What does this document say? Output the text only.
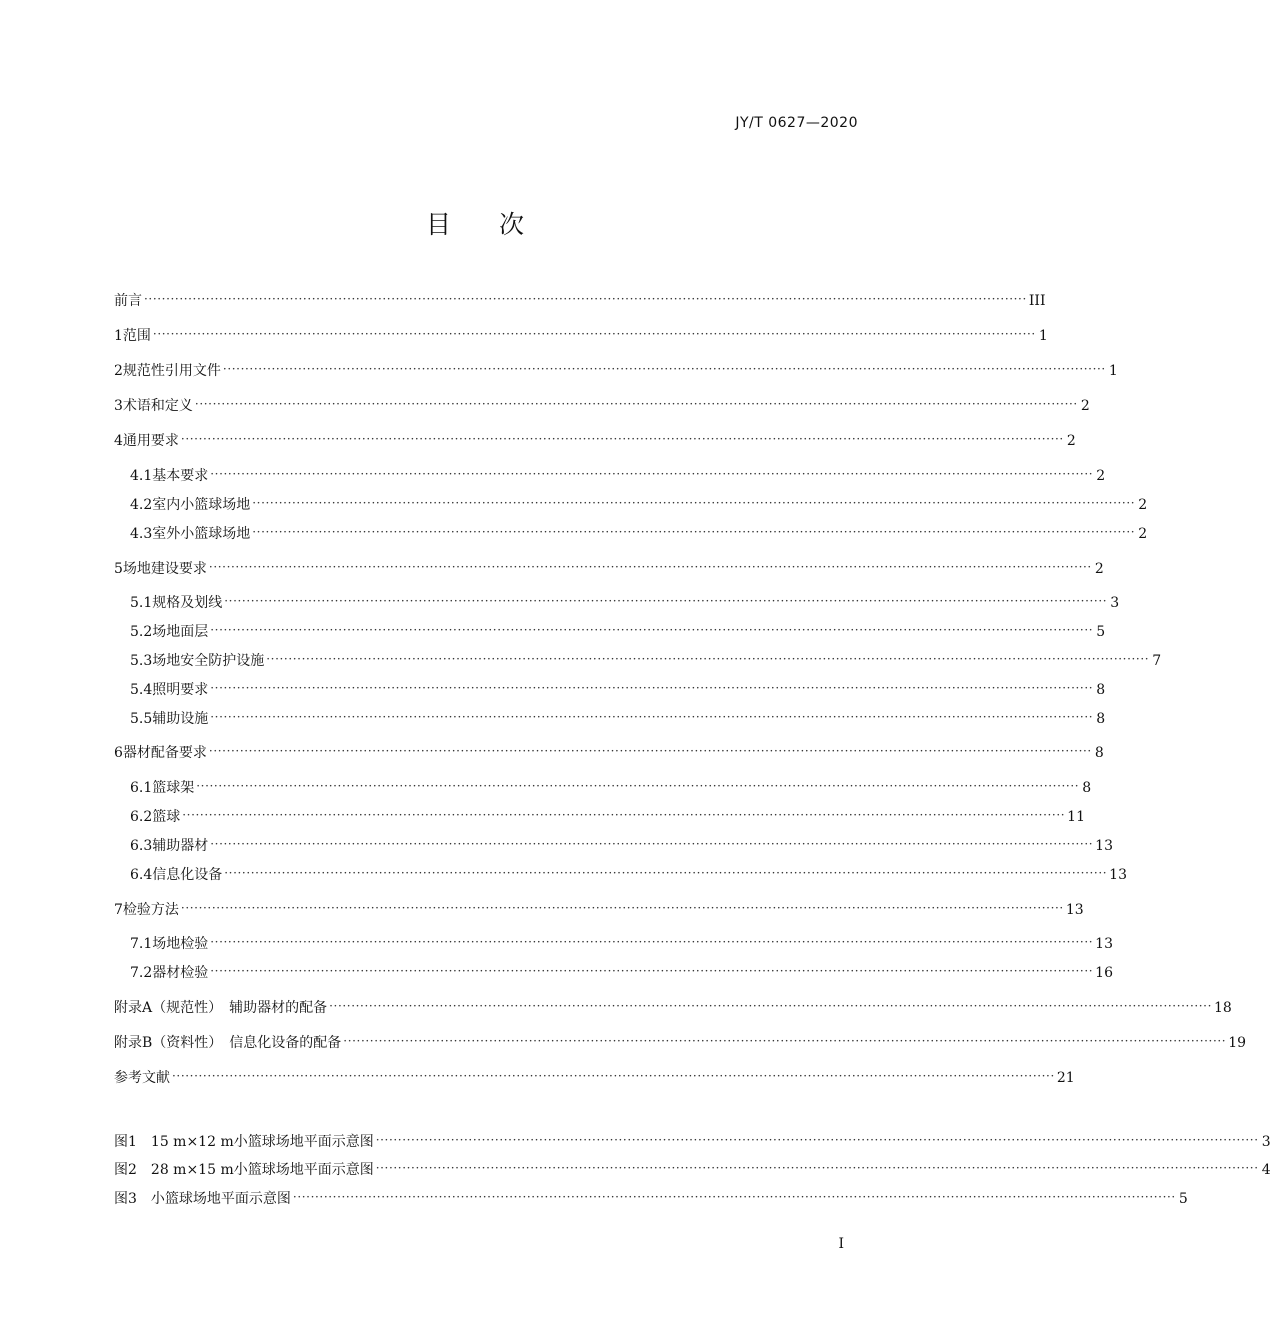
JY/T 0627—2020
目次
前言 ········································································································································································································ III
1 范围 ········································································································································································································ 1
2 规范性引用文件 ········································································································································································································ 1
3 术语和定义 ········································································································································································································ 2
4 通用要求 ········································································································································································································ 2
4.1 基本要求 ········································································································································································································ 2
4.2 室内小篮球场地 ········································································································································································································ 2
4.3 室外小篮球场地 ········································································································································································································ 2
5 场地建设要求 ········································································································································································································ 2
5.1 规格及划线 ········································································································································································································ 3
5.2 场地面层 ········································································································································································································ 5
5.3 场地安全防护设施 ········································································································································································································ 7
5.4 照明要求 ········································································································································································································ 8
5.5 辅助设施 ········································································································································································································ 8
6 器材配备要求 ········································································································································································································ 8
6.1 篮球架 ········································································································································································································ 8
6.2 篮球 ········································································································································································································ 11
6.3 辅助器材 ········································································································································································································ 13
6.4 信息化设备 ········································································································································································································ 13
7 检验方法 ········································································································································································································ 13
7.1 场地检验 ········································································································································································································ 13
7.2 器材检验 ········································································································································································································ 16
附录A（规范性）　辅助器材的配备 ········································································································································································································ 18
附录B（资料性）　信息化设备的配备 ········································································································································································································ 19
参考文献 ········································································································································································································ 21
图1　15 m×12 m小篮球场地平面示意图 ········································································································································································································ 3
图2　28 m×15 m小篮球场地平面示意图 ········································································································································································································ 4
图3　小篮球场地平面示意图 ········································································································································································································ 5
I
